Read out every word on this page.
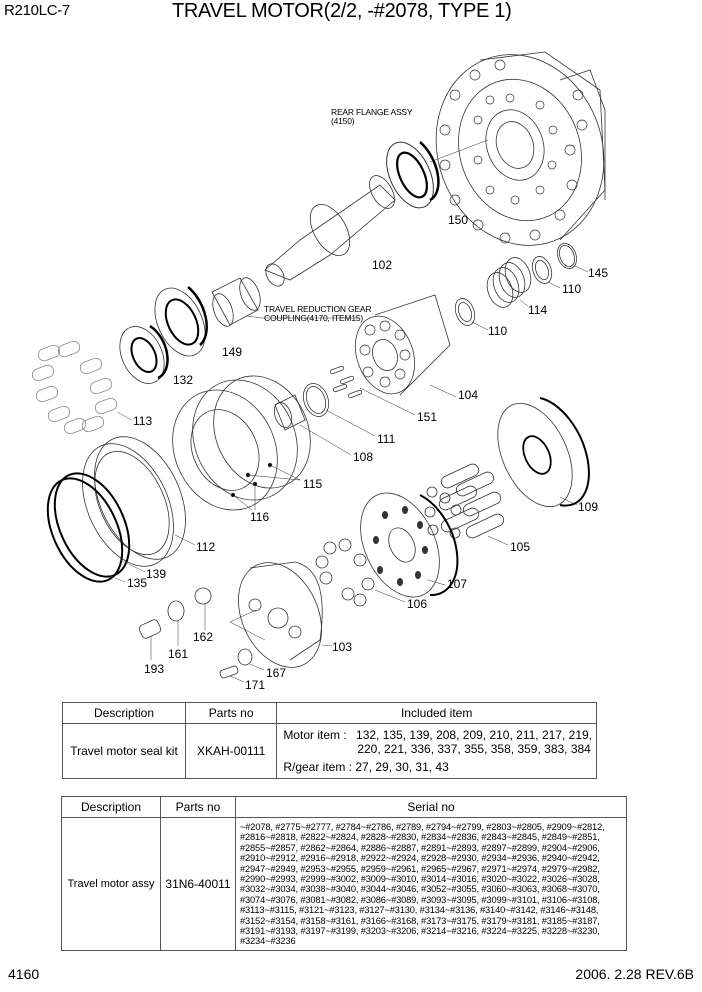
R210LC-7	TRAVEL MOTOR(2/2, -#2078, TYPE 1)
REAR FLANGE ASSY
(4150)
TRAVEL REDUCTION GEAR
COUPLING(4170, ITEM15)
150
102
145
110
114
110
149
132
104
151
113
111
108
115
109
116
105
112
139
135	107
106
162
103
161
193	167
171
Description	Parts no	Included item
Travel motor seal kit	XKAH-00111	Motor item : 132, 135, 139, 208, 209, 210, 211, 217, 219,
220, 221, 336, 337, 355, 358, 359, 383, 384
R/gear item : 27, 29, 30, 31, 43
Description	Parts no	Serial no
Travel motor assy	31N6-40011	
~#2078, #2775~#2777, #2784~#2786, #2789, #2794~#2799, #2803~#2805, #2909~#2812,
#2816~#2818, #2822~#2824, #2828~#2830, #2834~#2836, #2843~#2845, #2849~#2851,
#2855~#2857, #2862~#2864, #2886~#2887, #2891~#2893, #2897~#2899, #2904~#2906,
#2910~#2912, #2916~#2918, #2922~#2924, #2928~#2930, #2934~#2936, #2940~#2942,
#2947~#2949, #2953~#2955, #2959~#2961, #2965~#2967, #2971~#2974, #2979~#2982,
#2990~#2993, #2999~#3002, #3009~#3010, #3014~#3016, #3020~#3022, #3026~#3028,
#3032~#3034, #3038~#3040, #3044~#3046, #3052~#3055, #3060~#3063, #3068~#3070,
#3074~#3076, #3081~#3082, #3086~#3089, #3093~#3095, #3099~#3101, #3106~#3108,
#3113~#3115, #3121~#3123, #3127~#3130, #3134~#3136, #3140~#3142, #3146~#3148,
#3152~#3154, #3158~#3161, #3166~#3168, #3173~#3175, #3179~#3181, #3185~#3187,
#3191~#3193, #3197~#3199, #3203~#3206, #3214~#3216, #3224~#3225, #3228~#3230,
#3234~#3236
4160	2006. 2.28 REV.6B
